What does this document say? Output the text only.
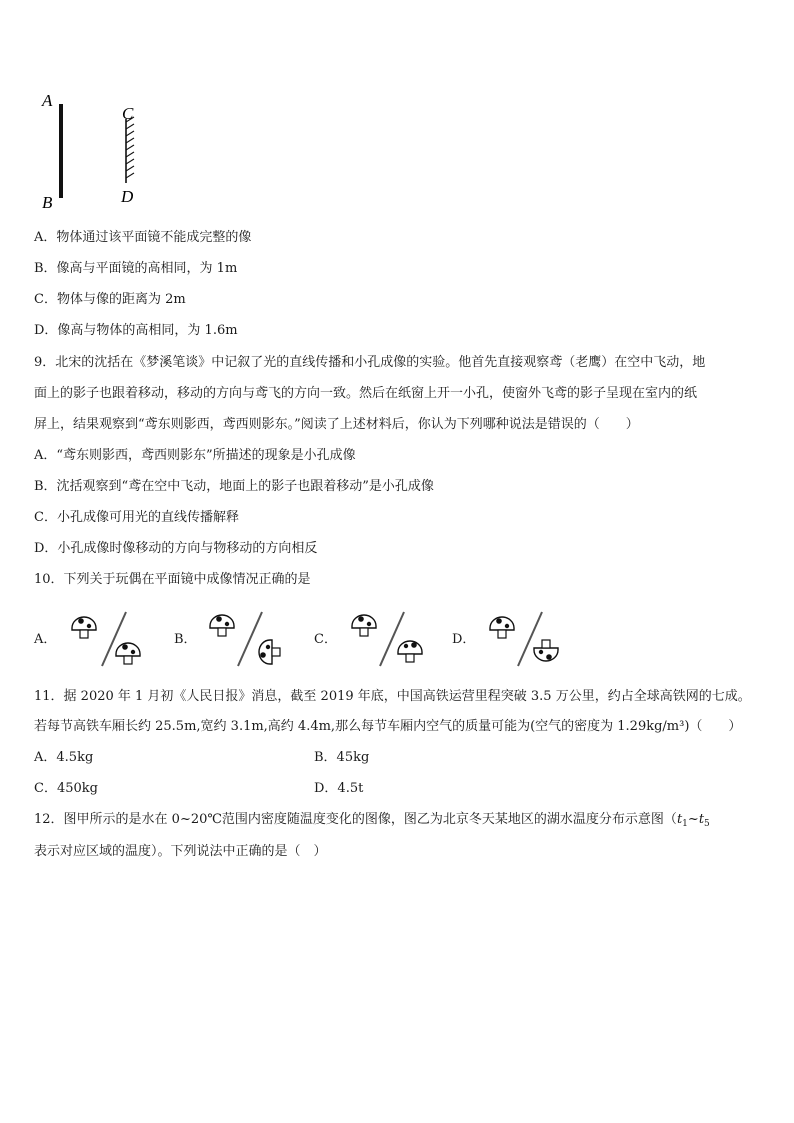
A
B
C
D
A．物体通过该平面镜不能成完整的像
B．像高与平面镜的高相同，为 1m
C．物体与像的距离为 2m
D．像高与物体的高相同，为 1.6m
9．北宋的沈括在《梦溪笔谈》中记叙了光的直线传播和小孔成像的实验。他首先直接观察鸢（老鹰）在空中飞动，地
面上的影子也跟着移动，移动的方向与鸢飞的方向一致。然后在纸窗上开一小孔，使窗外飞鸢的影子呈现在室内的纸
屏上，结果观察到“鸢东则影西，鸢西则影东。”阅读了上述材料后，你认为下列哪种说法是错误的（　　）
A．“鸢东则影西，鸢西则影东”所描述的现象是小孔成像
B．沈括观察到“鸢在空中飞动，地面上的影子也跟着移动”是小孔成像
C．小孔成像可用光的直线传播解释
D．小孔成像时像移动的方向与物移动的方向相反
10．下列关于玩偶在平面镜中成像情况正确的是
A．	B．	C．	D．
11．据 2020 年 1 月初《人民日报》消息，截至 2019 年底，中国高铁运营里程突破 3.5 万公里，约占全球高铁网的七成。
若每节高铁车厢长约 25.5m,宽约 3.1m,高约 4.4m,那么每节车厢内空气的质量可能为(空气的密度为 1.29kg/m³)（　　）
A．4.5kg	B．45kg
C．450kg	D．4.5t
12．图甲所示的是水在 0~20℃范围内密度随温度变化的图像，图乙为北京冬天某地区的湖水温度分布示意图（$t_1\sim t_5$
表示对应区域的温度）。下列说法中正确的是（　）
